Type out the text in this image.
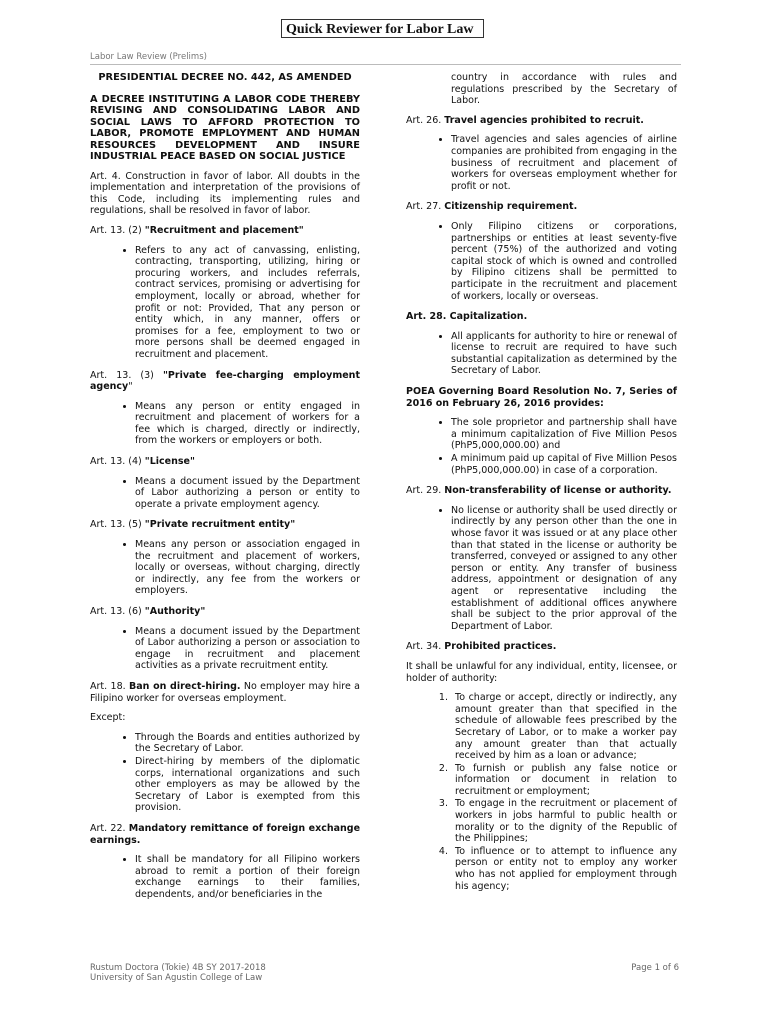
Quick Reviewer for Labor Law
Labor Law Review (Prelims)

PRESIDENTIAL DECREE NO. 442, AS AMENDED

A DECREE INSTITUTING A LABOR CODE THEREBY REVISING AND CONSOLIDATING LABOR AND SOCIAL LAWS TO AFFORD PROTECTION TO LABOR, PROMOTE EMPLOYMENT AND HUMAN RESOURCES DEVELOPMENT AND INSURE INDUSTRIAL PEACE BASED ON SOCIAL JUSTICE

Art. 4. Construction in favor of labor. All doubts in the implementation and interpretation of the provisions of this Code, including its implementing rules and regulations, shall be resolved in favor of labor.

Art. 13. (2) "Recruitment and placement"

• Refers to any act of canvassing, enlisting, contracting, transporting, utilizing, hiring or procuring workers, and includes referrals, contract services, promising or advertising for employment, locally or abroad, whether for profit or not: Provided, That any person or entity which, in any manner, offers or promises for a fee, employment to two or more persons shall be deemed engaged in recruitment and placement.

Art. 13. (3) "Private fee-charging employment agency"

• Means any person or entity engaged in recruitment and placement of workers for a fee which is charged, directly or indirectly, from the workers or employers or both.

Art. 13. (4) "License"

• Means a document issued by the Department of Labor authorizing a person or entity to operate a private employment agency.

Art. 13. (5) "Private recruitment entity"

• Means any person or association engaged in the recruitment and placement of workers, locally or overseas, without charging, directly or indirectly, any fee from the workers or employers.

Art. 13. (6) "Authority"

• Means a document issued by the Department of Labor authorizing a person or association to engage in recruitment and placement activities as a private recruitment entity.

Art. 18. Ban on direct-hiring. No employer may hire a Filipino worker for overseas employment.

Except:

• Through the Boards and entities authorized by the Secretary of Labor.
• Direct-hiring by members of the diplomatic corps, international organizations and such other employers as may be allowed by the Secretary of Labor is exempted from this provision.

Art. 22. Mandatory remittance of foreign exchange earnings.

• It shall be mandatory for all Filipino workers abroad to remit a portion of their foreign exchange earnings to their families, dependents, and/or beneficiaries in the

country in accordance with rules and regulations prescribed by the Secretary of Labor.

Art. 26. Travel agencies prohibited to recruit.

• Travel agencies and sales agencies of airline companies are prohibited from engaging in the business of recruitment and placement of workers for overseas employment whether for profit or not.

Art. 27. Citizenship requirement.

• Only Filipino citizens or corporations, partnerships or entities at least seventy-five percent (75%) of the authorized and voting capital stock of which is owned and controlled by Filipino citizens shall be permitted to participate in the recruitment and placement of workers, locally or overseas.

Art. 28. Capitalization.

• All applicants for authority to hire or renewal of license to recruit are required to have such substantial capitalization as determined by the Secretary of Labor.

POEA Governing Board Resolution No. 7, Series of 2016 on February 26, 2016 provides:

• The sole proprietor and partnership shall have a minimum capitalization of Five Million Pesos (PhP5,000,000.00) and
• A minimum paid up capital of Five Million Pesos (PhP5,000,000.00) in case of a corporation.

Art. 29. Non-transferability of license or authority.

• No license or authority shall be used directly or indirectly by any person other than the one in whose favor it was issued or at any place other than that stated in the license or authority be transferred, conveyed or assigned to any other person or entity. Any transfer of business address, appointment or designation of any agent or representative including the establishment of additional offices anywhere shall be subject to the prior approval of the Department of Labor.

Art. 34. Prohibited practices.

It shall be unlawful for any individual, entity, licensee, or holder of authority:

1. To charge or accept, directly or indirectly, any amount greater than that specified in the schedule of allowable fees prescribed by the Secretary of Labor, or to make a worker pay any amount greater than that actually received by him as a loan or advance;
2. To furnish or publish any false notice or information or document in relation to recruitment or employment;
3. To engage in the recruitment or placement of workers in jobs harmful to public health or morality or to the dignity of the Republic of the Philippines;
4. To influence or to attempt to influence any person or entity not to employ any worker who has not applied for employment through his agency;
Rustum Doctora (Tokie) 4B SY 2017-2018
University of San Agustin College of Law
Page 1 of 6
